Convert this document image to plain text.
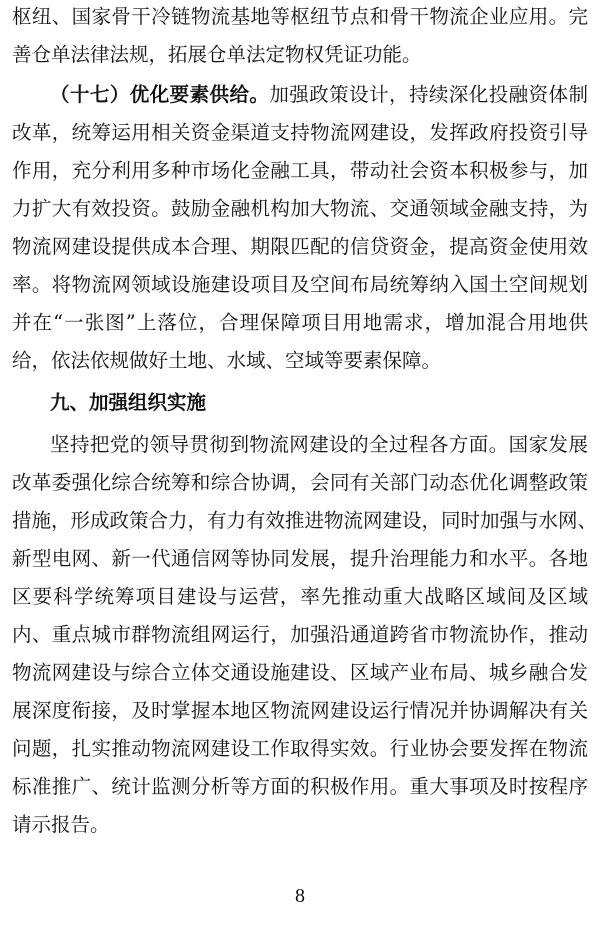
枢纽、国家骨干冷链物流基地等枢纽节点和骨干物流企业应用。完
善仓单法律法规，拓展仓单法定物权凭证功能。
（十七）优化要素供给。加强政策设计，持续深化投融资体制
改革，统筹运用相关资金渠道支持物流网建设，发挥政府投资引导
作用，充分利用多种市场化金融工具，带动社会资本积极参与，加
力扩大有效投资。鼓励金融机构加大物流、交通领域金融支持，为
物流网建设提供成本合理、期限匹配的信贷资金，提高资金使用效
率。将物流网领域设施建设项目及空间布局统筹纳入国土空间规划
并在“一张图”上落位，合理保障项目用地需求，增加混合用地供
给，依法依规做好土地、水域、空域等要素保障。
九、加强组织实施
坚持把党的领导贯彻到物流网建设的全过程各方面。国家发展
改革委强化综合统筹和综合协调，会同有关部门动态优化调整政策
措施，形成政策合力，有力有效推进物流网建设，同时加强与水网、
新型电网、新一代通信网等协同发展，提升治理能力和水平。各地
区要科学统筹项目建设与运营，率先推动重大战略区域间及区域
内、重点城市群物流组网运行，加强沿通道跨省市物流协作，推动
物流网建设与综合立体交通设施建设、区域产业布局、城乡融合发
展深度衔接，及时掌握本地区物流网建设运行情况并协调解决有关
问题，扎实推动物流网建设工作取得实效。行业协会要发挥在物流
标准推广、统计监测分析等方面的积极作用。重大事项及时按程序
请示报告。
8
